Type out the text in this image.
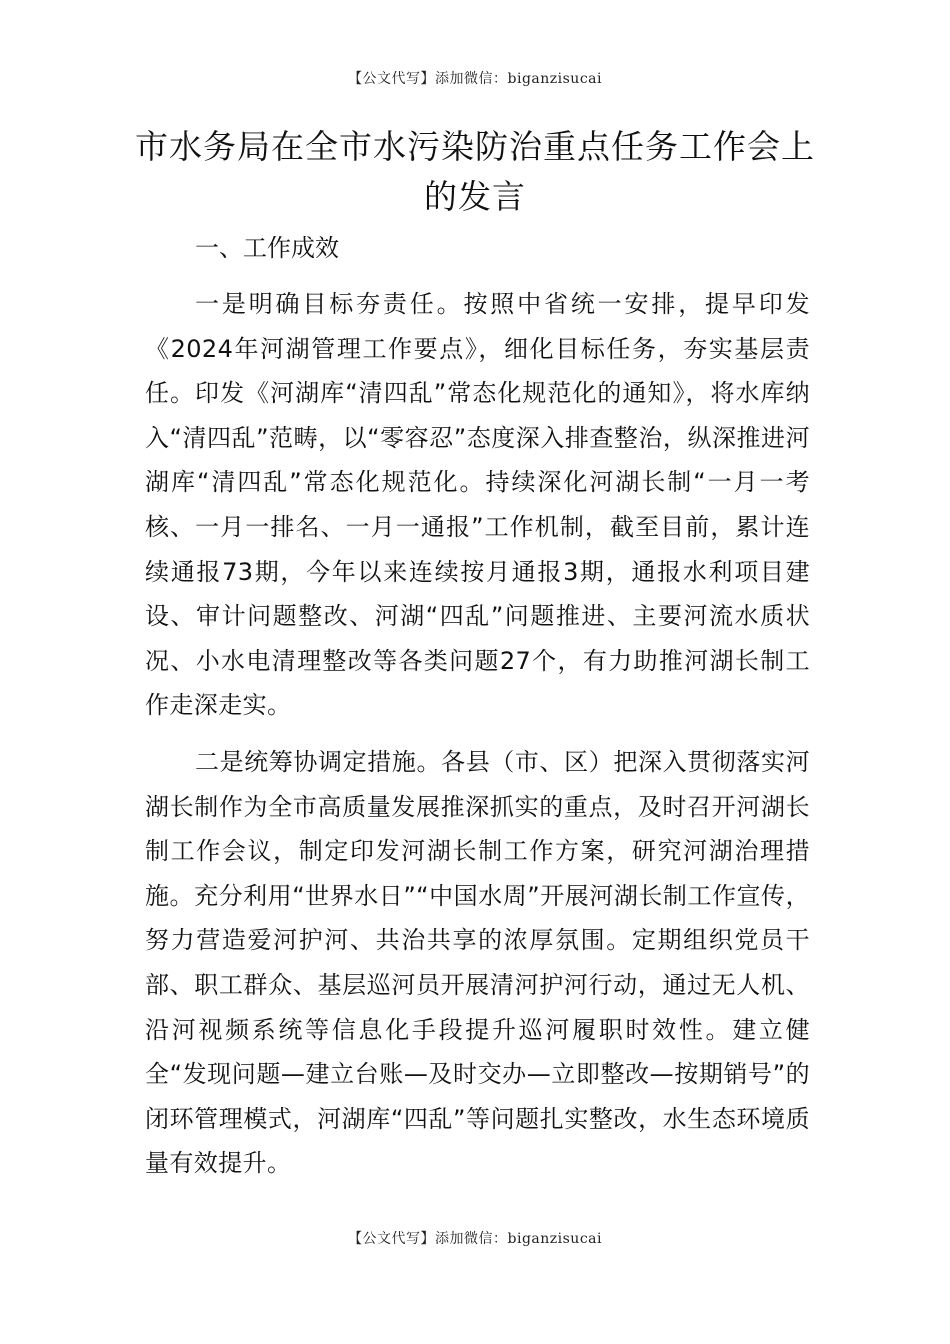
【公文代写】添加微信：biganzisucai
市水务局在全市水污染防治重点任务工作会上的发言

一、工作成效

一是明确目标夯责任。按照中省统一安排，提早印发《2024年河湖管理工作要点》，细化目标任务，夯实基层责任。印发《河湖库“清四乱”常态化规范化的通知》，将水库纳入“清四乱”范畴，以“零容忍”态度深入排查整治，纵深推进河湖库“清四乱”常态化规范化。持续深化河湖长制“一月一考核、一月一排名、一月一通报”工作机制，截至目前，累计连续通报73期，今年以来连续按月通报3期，通报水利项目建设、审计问题整改、河湖“四乱”问题推进、主要河流水质状况、小水电清理整改等各类问题27个，有力助推河湖长制工作走深走实。

二是统筹协调定措施。各县（市、区）把深入贯彻落实河湖长制作为全市高质量发展推深抓实的重点，及时召开河湖长制工作会议，制定印发河湖长制工作方案，研究河湖治理措施。充分利用“世界水日”“中国水周”开展河湖长制工作宣传，努力营造爱河护河、共治共享的浓厚氛围。定期组织党员干部、职工群众、基层巡河员开展清河护河行动，通过无人机、沿河视频系统等信息化手段提升巡河履职时效性。建立健全“发现问题—建立台账—及时交办—立即整改—按期销号”的闭环管理模式，河湖库“四乱”等问题扎实整改，水生态环境质量有效提升。

【公文代写】添加微信：biganzisucai
